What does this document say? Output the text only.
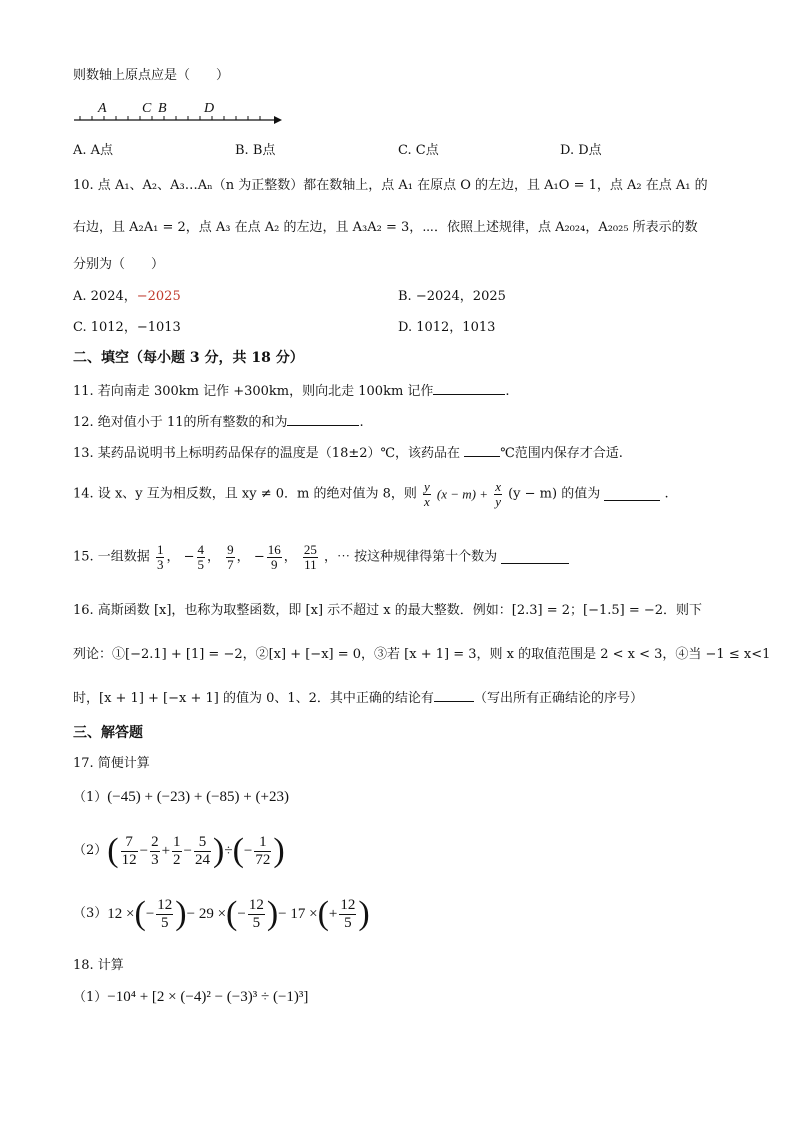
则数轴上原点应是（　　）
A	C B	D
A. A点	B. B点	C. C点	D. D点
10. 点 A₁、A₂、A₃…Aₙ（n 为正整数）都在数轴上，点 A₁ 在原点 O 的左边，且 A₁O = 1，点 A₂ 在点 A₁ 的
右边，且 A₂A₁ = 2，点 A₃ 在点 A₂ 的左边，且 A₃A₂ = 3，⋯．依照上述规律，点 A₂₀₂₄，A₂₀₂₅ 所表示的数
分别为（　　）
A. 2024，−2025	B. −2024，2025
C. 1012，−1013	D. 1012，1013
二、填空（每小题 3 分，共 18 分）
11. 若向南走 300km 记作 +300km，则向北走 100km 记作	.
12. 绝对值小于 11的所有整数的和为	.
13. 某药品说明书上标明药品保存的温度是（18±2）℃，该药品在	℃范围内保存才合适.
14. 设 x、y 互为相反数，且 xy ≠ 0．m 的绝对值为 8，则 $\frac{y}{x} (x - m) + \frac{x}{y} (y - m)$ 的值为	.
15. 一组数据 $\frac{1}{3}$ ， − $\frac{4}{5}$ ， $\frac{9}{7}$ ， − $\frac{16}{9}$ ， $\frac{25}{11}$ ，⋯ 按这种规律得第十个数为
16. 高斯函数 [x]，也称为取整函数，即 [x] 示不超过 x 的最大整数．例如：[2.3] = 2；[−1.5] = −2．则下
列论：①[−2.1] + [1] = −2，②[x] + [−x] = 0，③若 [x + 1] = 3，则 x 的取值范围是 2 < x < 3，④当 −1 ≤ x<1
时，[x + 1] + [−x + 1] 的值为 0、1、2．其中正确的结论有	（写出所有正确结论的序号）
三、解答题
17. 简便计算
（1）(−45) + (−23) + (−85) + (+23)
$(2)( \frac{7}{12} - \frac{2}{3} + \frac{1}{2} - \frac{5}{24}$ )÷(− $\frac{1}{72}$ )
（3）12 ×(− $\frac{12}{5}$ )− 29 ×(− $\frac{12}{5}$ )− 17 ×(+ $\frac{12}{5}$ )
18. 计算
（1）−10⁴ + [2 × (−4)² − (−3)³ ÷ (−1)³]
